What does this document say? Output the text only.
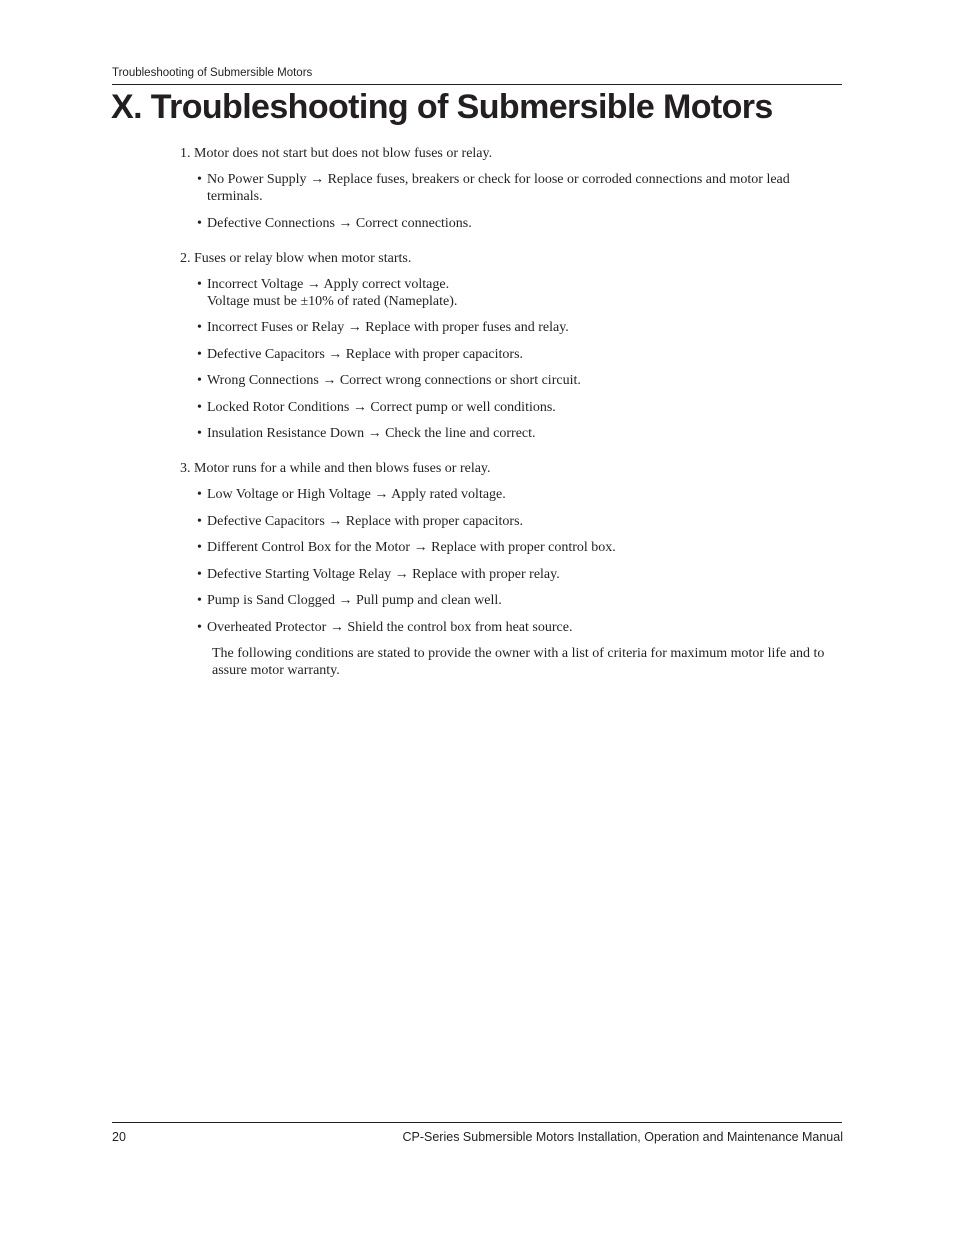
Troubleshooting of Submersible Motors
X. Troubleshooting of Submersible Motors

1. Motor does not start but does not blow fuses or relay.

• No Power Supply → Replace fuses, breakers or check for loose or corroded connections and motor lead terminals.
• Defective Connections → Correct connections.

2. Fuses or relay blow when motor starts.

• Incorrect Voltage → Apply correct voltage.
Voltage must be ±10% of rated (Nameplate).
• Incorrect Fuses or Relay → Replace with proper fuses and relay.
• Defective Capacitors → Replace with proper capacitors.
• Wrong Connections → Correct wrong connections or short circuit.
• Locked Rotor Conditions → Correct pump or well conditions.
• Insulation Resistance Down → Check the line and correct.

3. Motor runs for a while and then blows fuses or relay.

• Low Voltage or High Voltage → Apply rated voltage.
• Defective Capacitors → Replace with proper capacitors.
• Different Control Box for the Motor → Replace with proper control box.
• Defective Starting Voltage Relay → Replace with proper relay.
• Pump is Sand Clogged → Pull pump and clean well.
• Overheated Protector → Shield the control box from heat source.

The following conditions are stated to provide the owner with a list of criteria for maximum motor life and to assure motor warranty.

20	CP-Series Submersible Motors Installation, Operation and Maintenance Manual
